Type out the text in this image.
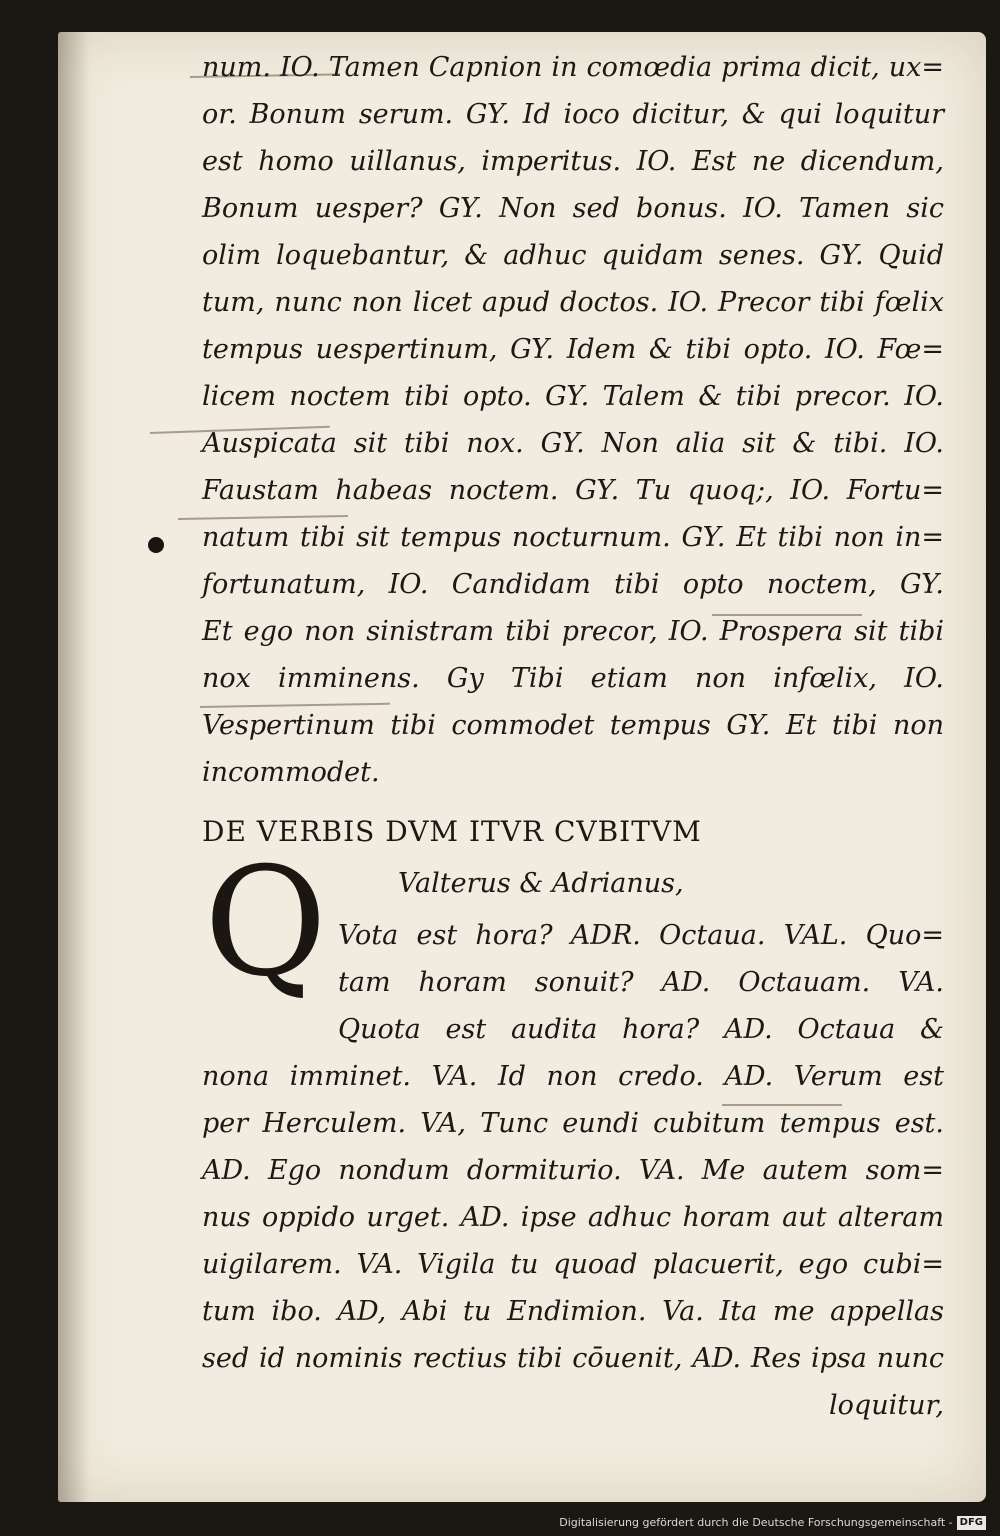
num. IO. Tamen Capnion in comœdia prima dicit, ux=
or. Bonum serum. GY. Id ioco dicitur, & qui loquitur
est homo uillanus, imperitus. IO. Est ne dicendum,
Bonum uesper? GY. Non sed bonus. IO. Tamen sic
olim loquebantur, & adhuc quidam senes. GY. Quid
tum, nunc non licet apud doctos. IO. Precor tibi fœlix
tempus uespertinum, GY. Idem & tibi opto. IO. Fœ=
licem noctem tibi opto. GY. Talem & tibi precor. IO.
Auspicata sit tibi nox. GY. Non alia sit & tibi. IO.
Faustam habeas noctem. GY. Tu quoq;, IO. Fortu=
natum tibi sit tempus nocturnum. GY. Et tibi non in=
fortunatum, IO. Candidam tibi opto noctem, GY.
Et ego non sinistram tibi precor, IO. Prospera sit tibi
nox imminens. Gy Tibi etiam non infœlix, IO.
Vespertinum tibi commodet tempus GY. Et tibi non
incommodet.
DE VERBIS DVM ITVR CVBITVM
Valterus & Adrianus,
Vota est hora? ADR. Octaua. VAL. Quo=
tam horam sonuit? AD. Octauam. VA.
Quota est audita hora? AD. Octaua &
nona imminet. VA. Id non credo. AD. Verum est
per Herculem. VA, Tunc eundi cubitum tempus est.
AD. Ego nondum dormiturio. VA. Me autem som=
nus oppido urget. AD. ipse adhuc horam aut alteram
uigilarem. VA. Vigila tu quoad placuerit, ego cubi=
tum ibo. AD, Abi tu Endimion. Va. Ita me appellas
sed id nominis rectius tibi cōuenit, AD. Res ipsa nunc
loquitur,
Q
Digitalisierung gefördert durch die Deutsche Forschungsgemeinschaft - DFG
